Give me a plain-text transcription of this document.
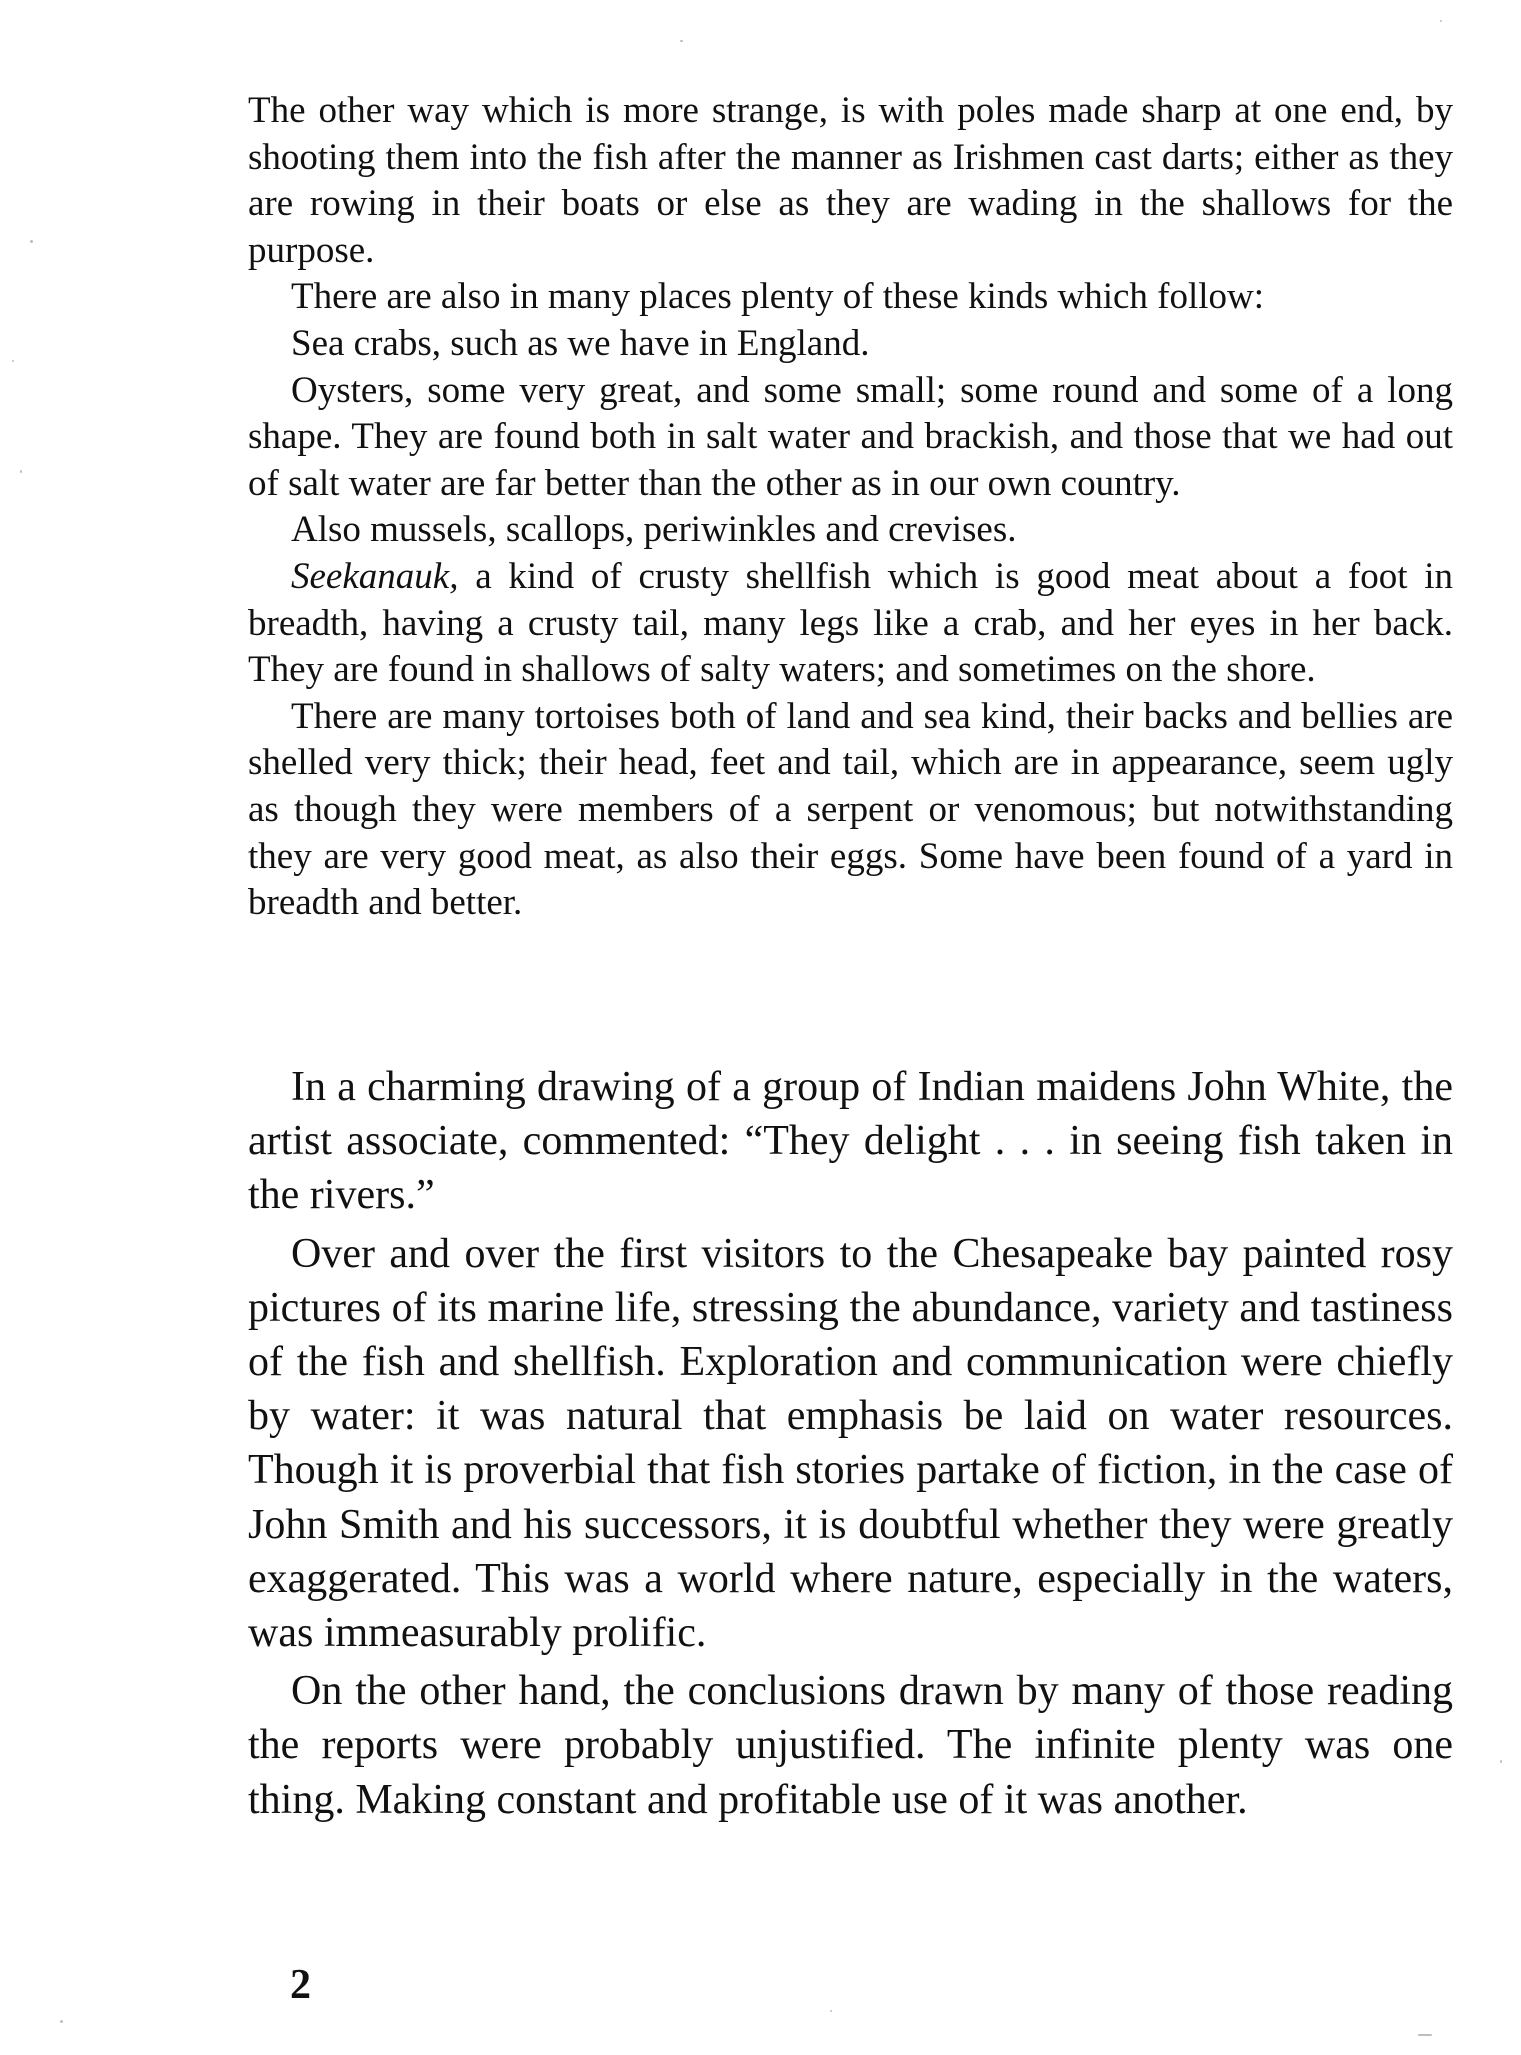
The other way which is more strange, is with poles made sharp at one end, by shooting them into the fish after the manner as Irishmen cast darts; either as they are rowing in their boats or else as they are wading in the shallows for the purpose.

There are also in many places plenty of these kinds which follow:

Sea crabs, such as we have in England.

Oysters, some very great, and some small; some round and some of a long shape. They are found both in salt water and brackish, and those that we had out of salt water are far better than the other as in our own country.

Also mussels, scallops, periwinkles and crevises.

Seekanauk, a kind of crusty shellfish which is good meat about a foot in breadth, having a crusty tail, many legs like a crab, and her eyes in her back. They are found in shallows of salty waters; and sometimes on the shore.

There are many tortoises both of land and sea kind, their backs and bellies are shelled very thick; their head, feet and tail, which are in appearance, seem ugly as though they were members of a serpent or venomous; but notwithstanding they are very good meat, as also their eggs. Some have been found of a yard in breadth and better.

In a charming drawing of a group of Indian maidens John White, the artist associate, commented: “They delight . . . in seeing fish taken in the rivers.”

Over and over the first visitors to the Chesapeake bay painted rosy pictures of its marine life, stressing the abundance, variety and tastiness of the fish and shellfish. Exploration and communication were chiefly by water: it was natural that emphasis be laid on water resources. Though it is proverbial that fish stories partake of fiction, in the case of John Smith and his successors, it is doubtful whether they were greatly exaggerated. This was a world where nature, especially in the waters, was immeasurably prolific.

On the other hand, the conclusions drawn by many of those reading the reports were probably unjustified. The infinite plenty was one thing. Making constant and profitable use of it was another.

2
